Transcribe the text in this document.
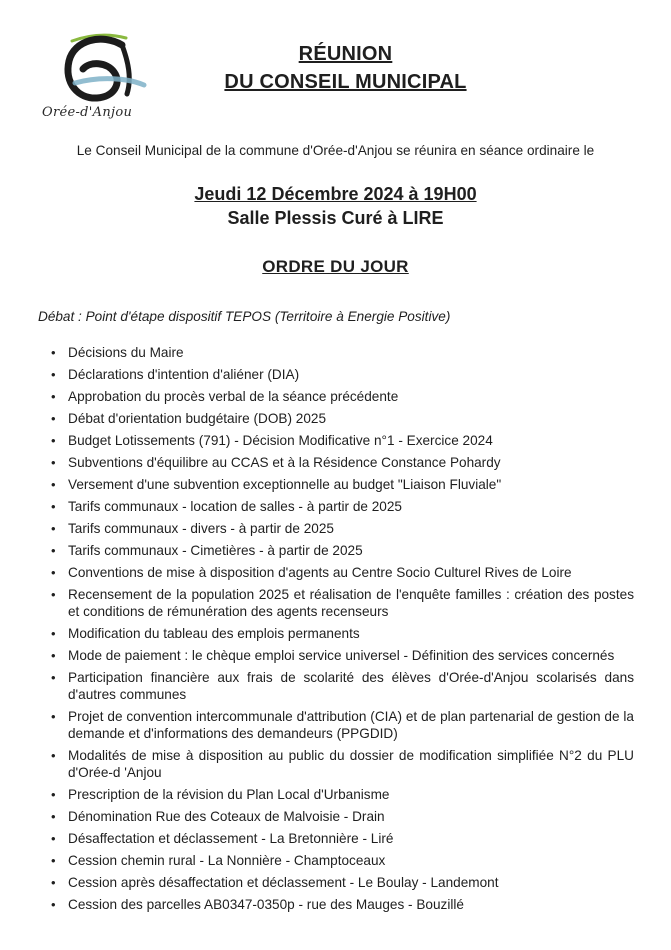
Orée-d'Anjou
RÉUNION
DU CONSEIL MUNICIPAL

Le Conseil Municipal de la commune d'Orée-d'Anjou se réunira en séance ordinaire le

Jeudi 12 Décembre 2024 à 19H00
Salle Plessis Curé à LIRE
ORDRE DU JOUR

Débat : Point d'étape dispositif TEPOS (Territoire à Energie Positive)

• Décisions du Maire
• Déclarations d'intention d'aliéner (DIA)
• Approbation du procès verbal de la séance précédente
• Débat d'orientation budgétaire (DOB) 2025
• Budget Lotissements (791) - Décision Modificative n°1 - Exercice 2024
• Subventions d'équilibre au CCAS et à la Résidence Constance Pohardy
• Versement d'une subvention exceptionnelle au budget "Liaison Fluviale"
• Tarifs communaux - location de salles - à partir de 2025
• Tarifs communaux - divers - à partir de 2025
• Tarifs communaux - Cimetières - à partir de 2025
• Conventions de mise à disposition d'agents au Centre Socio Culturel Rives de Loire
• Recensement de la population 2025 et réalisation de l'enquête familles : création des postes et conditions de rémunération des agents recenseurs
• Modification du tableau des emplois permanents
• Mode de paiement : le chèque emploi service universel - Définition des services concernés
• Participation financière aux frais de scolarité des élèves d'Orée-d'Anjou scolarisés dans d'autres communes
• Projet de convention intercommunale d'attribution (CIA) et de plan partenarial de gestion de la demande et d'informations des demandeurs (PPGDID)
• Modalités de mise à disposition au public du dossier de modification simplifiée N°2 du PLU d'Orée-d 'Anjou
• Prescription de la révision du Plan Local d'Urbanisme
• Dénomination Rue des Coteaux de Malvoisie - Drain
• Désaffectation et déclassement - La Bretonnière - Liré
• Cession chemin rural - La Nonnière - Champtoceaux
• Cession après désaffectation et déclassement - Le Boulay - Landemont
• Cession des parcelles AB0347-0350p - rue des Mauges - Bouzillé
